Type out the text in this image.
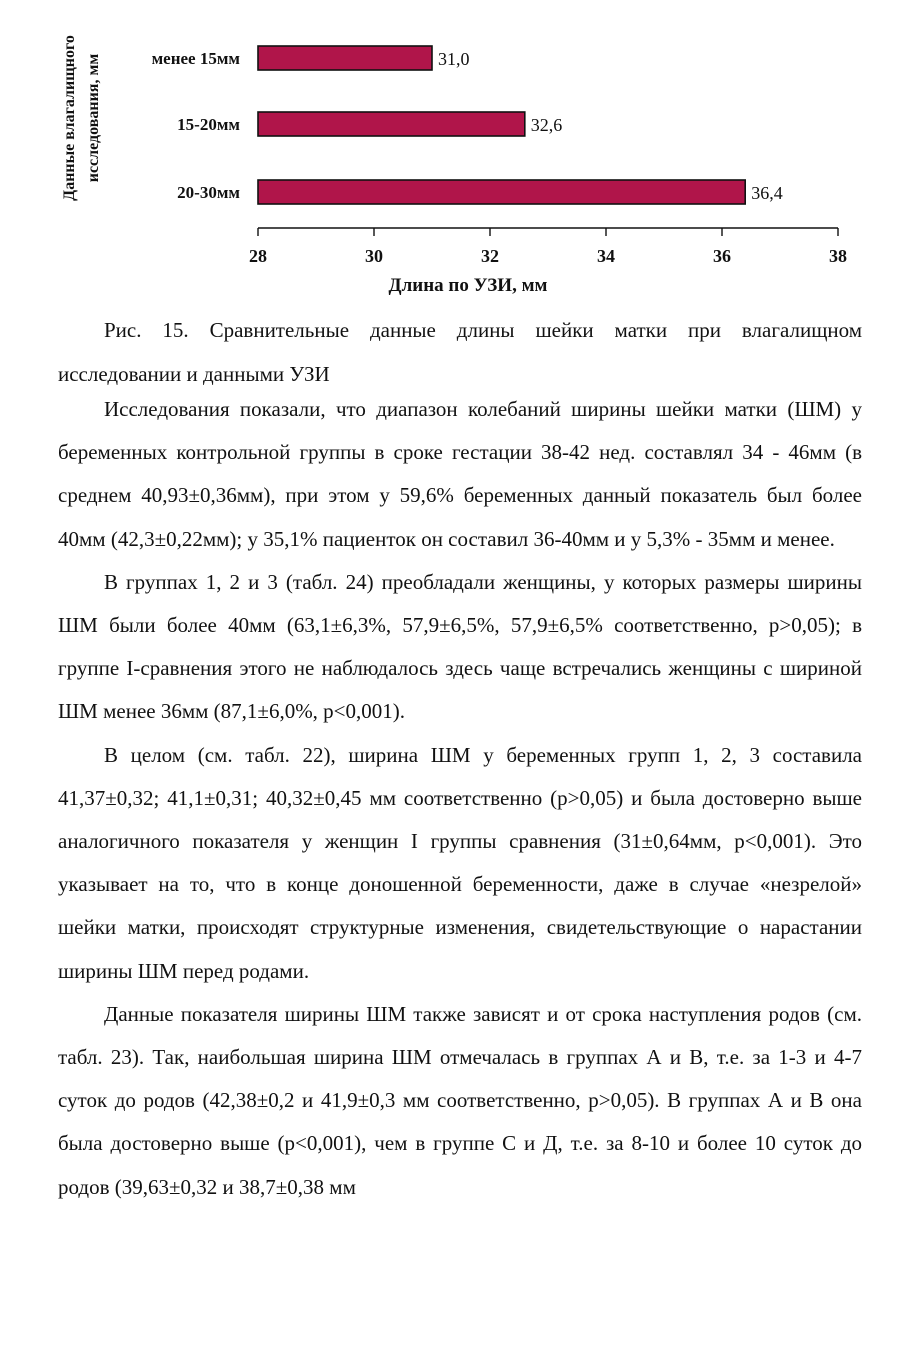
Данные влагалищного исследования, мм	менее 15мм
15-20мм
20-30мм
31,0
32,6
36,4
28	30	32	34	36	38
Длина по УЗИ, мм
Рис. 15. Сравнительные данные длины шейки матки при влагалищном исследовании и данными УЗИ

Исследования показали, что диапазон колебаний ширины шейки матки (ШМ) у беременных контрольной группы в сроке гестации 38-42 нед. составлял 34 - 46мм (в среднем 40,93±0,36мм), при этом у 59,6% беременных данный показатель был более 40мм (42,3±0,22мм); у 35,1% пациенток он составил 36-40мм и у 5,3% - 35мм и менее.

В группах 1, 2 и 3 (табл. 24) преобладали женщины, у которых размеры ширины ШМ были более 40мм (63,1±6,3%, 57,9±6,5%, 57,9±6,5% соответственно, p>0,05); в группе I-сравнения этого не наблюдалось здесь чаще встречались женщины с шириной ШМ менее 36мм (87,1±6,0%, p<0,001).

В целом (см. табл. 22), ширина ШМ у беременных групп 1, 2, 3 составила 41,37±0,32; 41,1±0,31; 40,32±0,45 мм соответственно (p>0,05) и была достоверно выше аналогичного показателя у женщин I группы сравнения (31±0,64мм, p<0,001). Это указывает на то, что в конце доношенной беременности, даже в случае «незрелой» шейки матки, происходят структурные изменения, свидетельствующие о нарастании ширины ШМ перед родами.

Данные показателя ширины ШМ также зависят и от срока наступления родов (см. табл. 23). Так, наибольшая ширина ШМ отмечалась в группах А и В, т.е. за 1-3 и 4-7 суток до родов (42,38±0,2 и 41,9±0,3 мм соответственно, p>0,05). В группах А и В она была достоверно выше (p<0,001), чем в группе С и Д, т.е. за 8-10 и более 10 суток до родов (39,63±0,32 и 38,7±0,38 мм
